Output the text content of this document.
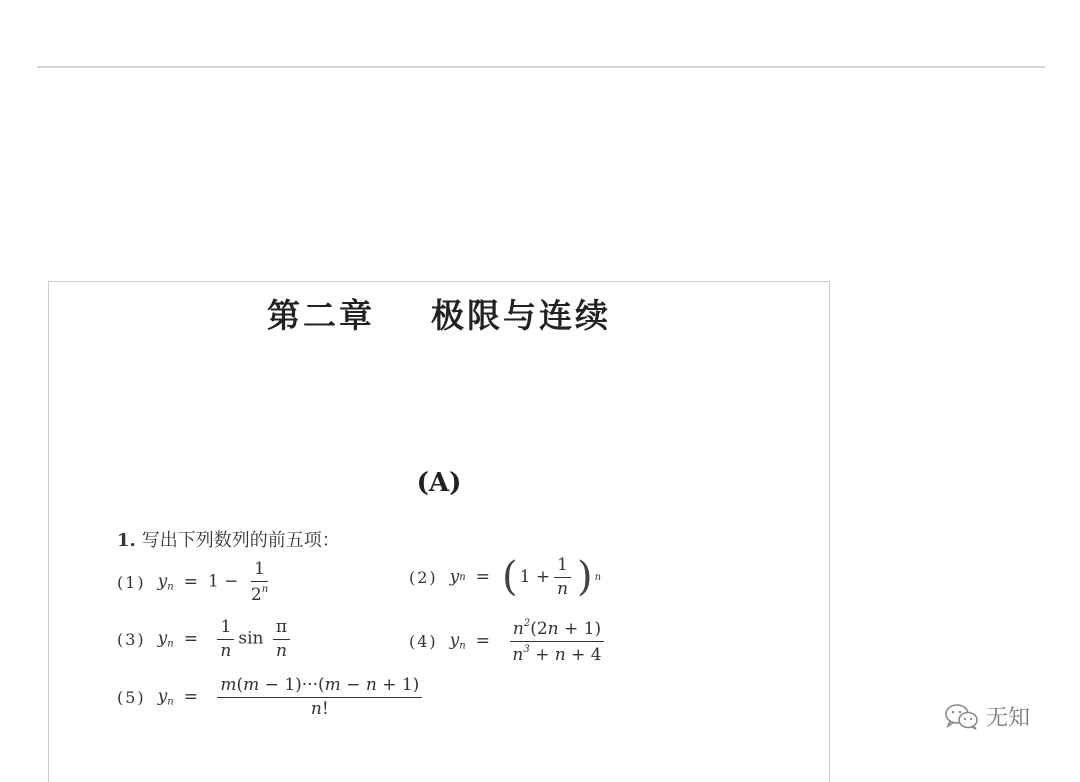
第二章 极限与连续
(A)
1. 写出下列数列的前五项：
(1) $y_n = 1 - \frac{1}{2^n}$	(2) y n = ( $1 + \frac{1}{n}$ ) n
(3) $y_n = \frac{1}{n}$ $\sin \frac{\pi}{n}$	(4) $y_n = \frac{n^2(2n + 1)}{n^3 + n + 4}$
(5) $y_n = \frac{m(m - 1)\cdot\cdot\cdot(m - n + 1)}{n!}$
无知
